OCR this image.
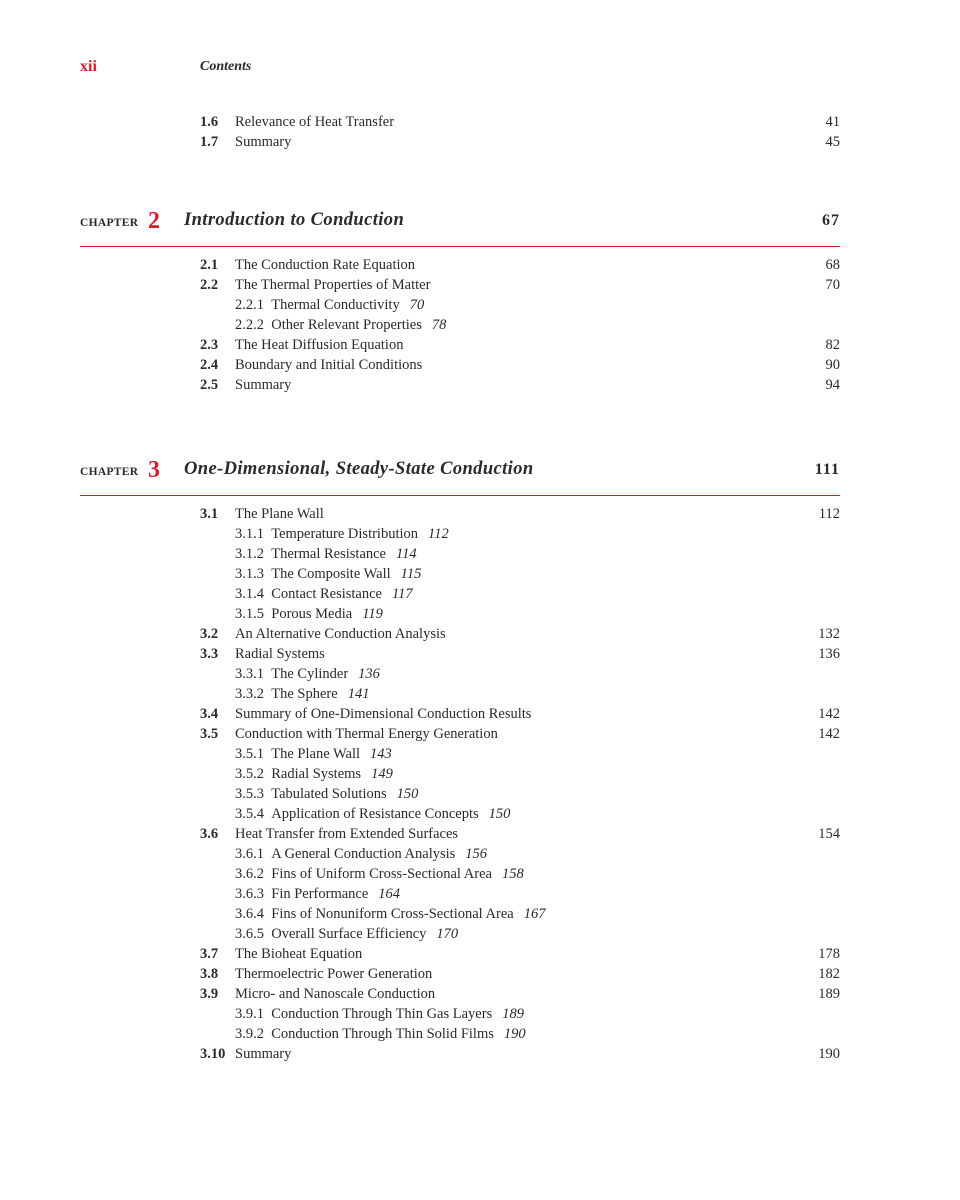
xii	Contents
1.6 Relevance of Heat Transfer	41
1.7 Summary	45
CHAPTER 2 Introduction to Conduction	67
2.1 The Conduction Rate Equation	68
2.2 The Thermal Properties of Matter	70
2.2.1  Thermal Conductivity 70
2.2.2  Other Relevant Properties 78
2.3 The Heat Diffusion Equation	82
2.4 Boundary and Initial Conditions	90
2.5 Summary	94
CHAPTER 3 One-Dimensional, Steady-State Conduction	111
3.1 The Plane Wall	112
3.1.1  Temperature Distribution 112
3.1.2  Thermal Resistance 114
3.1.3  The Composite Wall 115
3.1.4  Contact Resistance 117
3.1.5  Porous Media 119
3.2 An Alternative Conduction Analysis	132
3.3 Radial Systems	136
3.3.1  The Cylinder 136
3.3.2  The Sphere 141
3.4 Summary of One-Dimensional Conduction Results	142
3.5 Conduction with Thermal Energy Generation	142
3.5.1  The Plane Wall 143
3.5.2  Radial Systems 149
3.5.3  Tabulated Solutions 150
3.5.4  Application of Resistance Concepts 150
3.6 Heat Transfer from Extended Surfaces	154
3.6.1  A General Conduction Analysis 156
3.6.2  Fins of Uniform Cross-Sectional Area 158
3.6.3  Fin Performance 164
3.6.4  Fins of Nonuniform Cross-Sectional Area 167
3.6.5  Overall Surface Efficiency 170
3.7 The Bioheat Equation	178
3.8 Thermoelectric Power Generation	182
3.9 Micro- and Nanoscale Conduction	189
3.9.1  Conduction Through Thin Gas Layers 189
3.9.2  Conduction Through Thin Solid Films 190
3.10 Summary	190
